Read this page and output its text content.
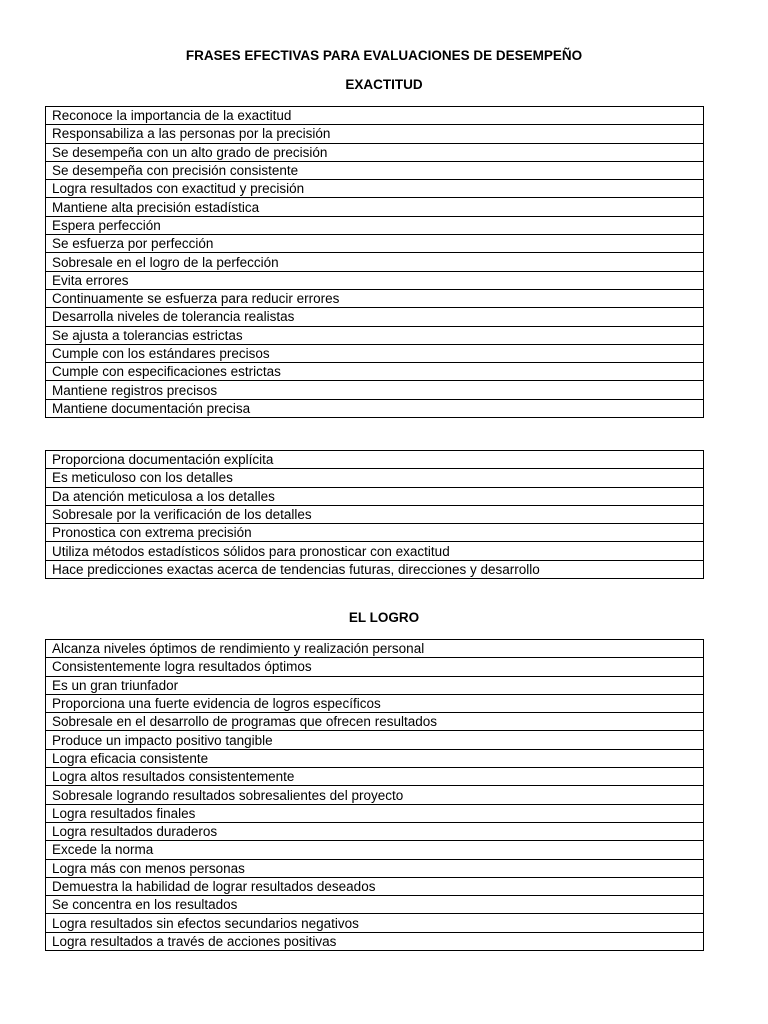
FRASES EFECTIVAS PARA EVALUACIONES DE DESEMPEÑO
EXACTITUD
Reconoce la importancia de la exactitud
Responsabiliza a las personas por la precisión
Se desempeña con un alto grado de precisión
Se desempeña con precisión consistente
Logra resultados con exactitud y precisión
Mantiene alta precisión estadística
Espera perfección
Se esfuerza por perfección
Sobresale en el logro de la perfección
Evita errores
Continuamente se esfuerza para reducir errores
Desarrolla niveles de tolerancia realistas
Se ajusta a tolerancias estrictas
Cumple con los estándares precisos
Cumple con especificaciones estrictas
Mantiene registros precisos
Mantiene documentación precisa
Proporciona documentación explícita
Es meticuloso con los detalles
Da atención meticulosa a los detalles
Sobresale por la verificación de los detalles
Pronostica con extrema precisión
Utiliza métodos estadísticos sólidos para pronosticar con exactitud
Hace predicciones exactas acerca de tendencias futuras, direcciones y desarrollo
EL LOGRO
Alcanza niveles óptimos de rendimiento y realización personal
Consistentemente logra resultados óptimos
Es un gran triunfador
Proporciona una fuerte evidencia de logros específicos
Sobresale en el desarrollo de programas que ofrecen resultados
Produce un impacto positivo tangible
Logra eficacia consistente
Logra altos resultados consistentemente
Sobresale logrando resultados sobresalientes del proyecto
Logra resultados finales
Logra resultados duraderos
Excede la norma
Logra más con menos personas
Demuestra la habilidad de lograr resultados deseados
Se concentra en los resultados
Logra resultados sin efectos secundarios negativos
Logra resultados a través de acciones positivas
